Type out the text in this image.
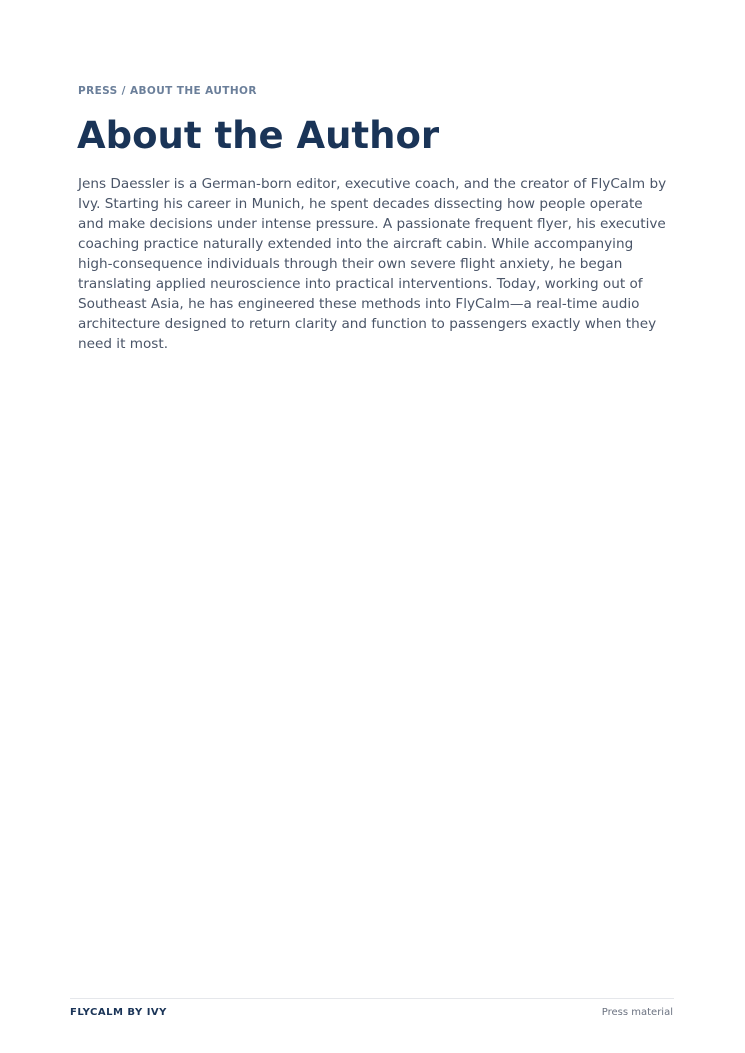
PRESS / ABOUT THE AUTHOR
About the Author

Jens Daessler is a German-born editor, executive coach, and the creator of FlyCalm by Ivy. Starting his career in Munich, he spent decades dissecting how people operate and make decisions under intense pressure. A passionate frequent flyer, his executive coaching practice naturally extended into the aircraft cabin. While accompanying high-consequence individuals through their own severe flight anxiety, he began translating applied neuroscience into practical interventions. Today, working out of Southeast Asia, he has engineered these methods into FlyCalm—a real-time audio architecture designed to return clarity and function to passengers exactly when they need it most.

FLYCALM BY IVY	Press material
